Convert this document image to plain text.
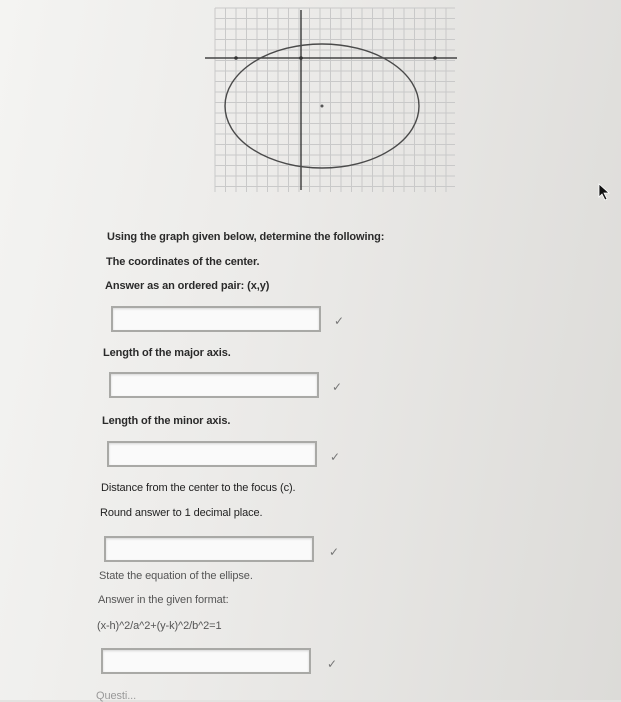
Using the graph given below, determine the following:
The coordinates of the center.
Answer as an ordered pair: (x,y)
✓
Length of the major axis.
✓
Length of the minor axis.
✓
Distance from the center to the focus (c).
Round answer to 1 decimal place.
✓
State the equation of the ellipse.
Answer in the given format:
(x-h)^2/a^2+(y-k)^2/b^2=1
✓
Questi...
